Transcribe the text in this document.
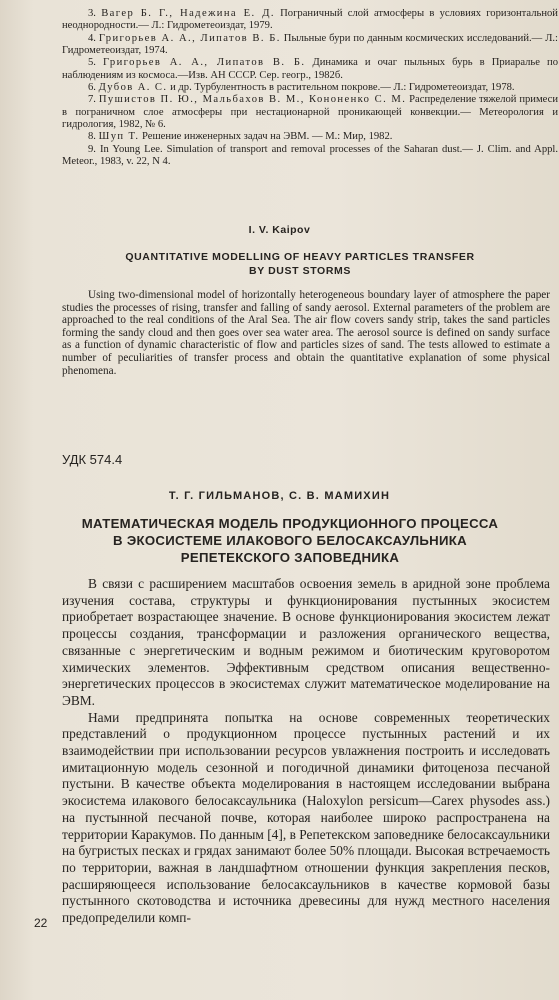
3. Вагер Б. Г., Надежина Е. Д. Пограничный слой атмосферы в условиях горизонтальной неоднородности.— Л.: Гидрометеоиздат, 1979.

4. Григорьев А. А., Липатов В. Б. Пыльные бури по данным космических исследований.— Л.: Гидрометеоиздат, 1974.

5. Григорьев А. А., Липатов В. Б. Динамика и очаг пыльных бурь в Приаралье по наблюдениям из космоса.—Изв. АН СССР. Сер. геогр., 1982б.

6. Дубов А. С. и др. Турбулентность в растительном покрове.— Л.: Гидрометеоиздат, 1978.

7. Пушистов П. Ю., Мальбахов В. М., Кононенко С. М. Распределение тяжелой примеси в пограничном слое атмосферы при нестационарной проникающей конвекции.— Метеорология и гидрология, 1982, № 6.

8. Шуп Т. Решение инженерных задач на ЭВМ. — М.: Мир, 1982.

9. In Young Lee. Simulation of transport and removal processes of the Saharan dust.— J. Clim. and Appl. Meteor., 1983, v. 22, N 4.

I. V. Kaipov
QUANTITATIVE MODELLING OF HEAVY PARTICLES TRANSFER
BY DUST STORMS

Using two-dimensional model of horizontally heterogeneous boundary layer of atmosphere the paper studies the processes of rising, transfer and falling of sandy aerosol. External parameters of the problem are approached to the real conditions of the Aral Sea. The air flow covers sandy strip, takes the sand particles forming the sandy cloud and then goes over sea water area. The aerosol source is defined on sandy surface as a function of dynamic characteristic of flow and particles sizes of sand. The tests allowed to estimate a number of peculiarities of transfer process and obtain the quantitative explanation of some physical phenomena.

УДК 574.4
Т. Г. ГИЛЬМАНОВ, С. В. МАМИХИН
МАТЕМАТИЧЕСКАЯ МОДЕЛЬ ПРОДУКЦИОННОГО ПРОЦЕССА
В ЭКОСИСТЕМЕ ИЛАКОВОГО БЕЛОСАКСАУЛЬНИКА
РЕПЕТЕКСКОГО ЗАПОВЕДНИКА

В связи с расширением масштабов освоения земель в аридной зоне проблема изучения состава, структуры и функционирования пустынных экосистем приобретает возрастающее значение. В основе функционирования экосистем лежат процессы создания, трансформации и разложения органического вещества, связанные с энергетическим и водным режимом и биотическим круговоротом химических элементов. Эффективным средством описания вещественно-энергетических процессов в экосистемах служит математическое моделирование на ЭВМ.

Нами предпринята попытка на основе современных теоретических представлений о продукционном процессе пустынных растений и их взаимодействии при использовании ресурсов увлажнения построить и исследовать имитационную модель сезонной и погодичной динамики фитоценоза песчаной пустыни. В качестве объекта моделирования в настоящем исследовании выбрана экосистема илакового белосаксаульника (Haloxylon persicum—Carex physodes ass.) на пустынной песчаной почве, которая наиболее широко распространена на территории Каракумов. По данным [4], в Репетекском заповеднике белосаксаульники на бугристых песках и грядах занимают более 50% площади. Высокая встречаемость по территории, важная в ландшафтном отношении функция закрепления песков, расширяющееся использование белосаксаульников в качестве кормовой базы пустынного скотоводства и источника древесины для нужд местного населения предопределили комп-

22
